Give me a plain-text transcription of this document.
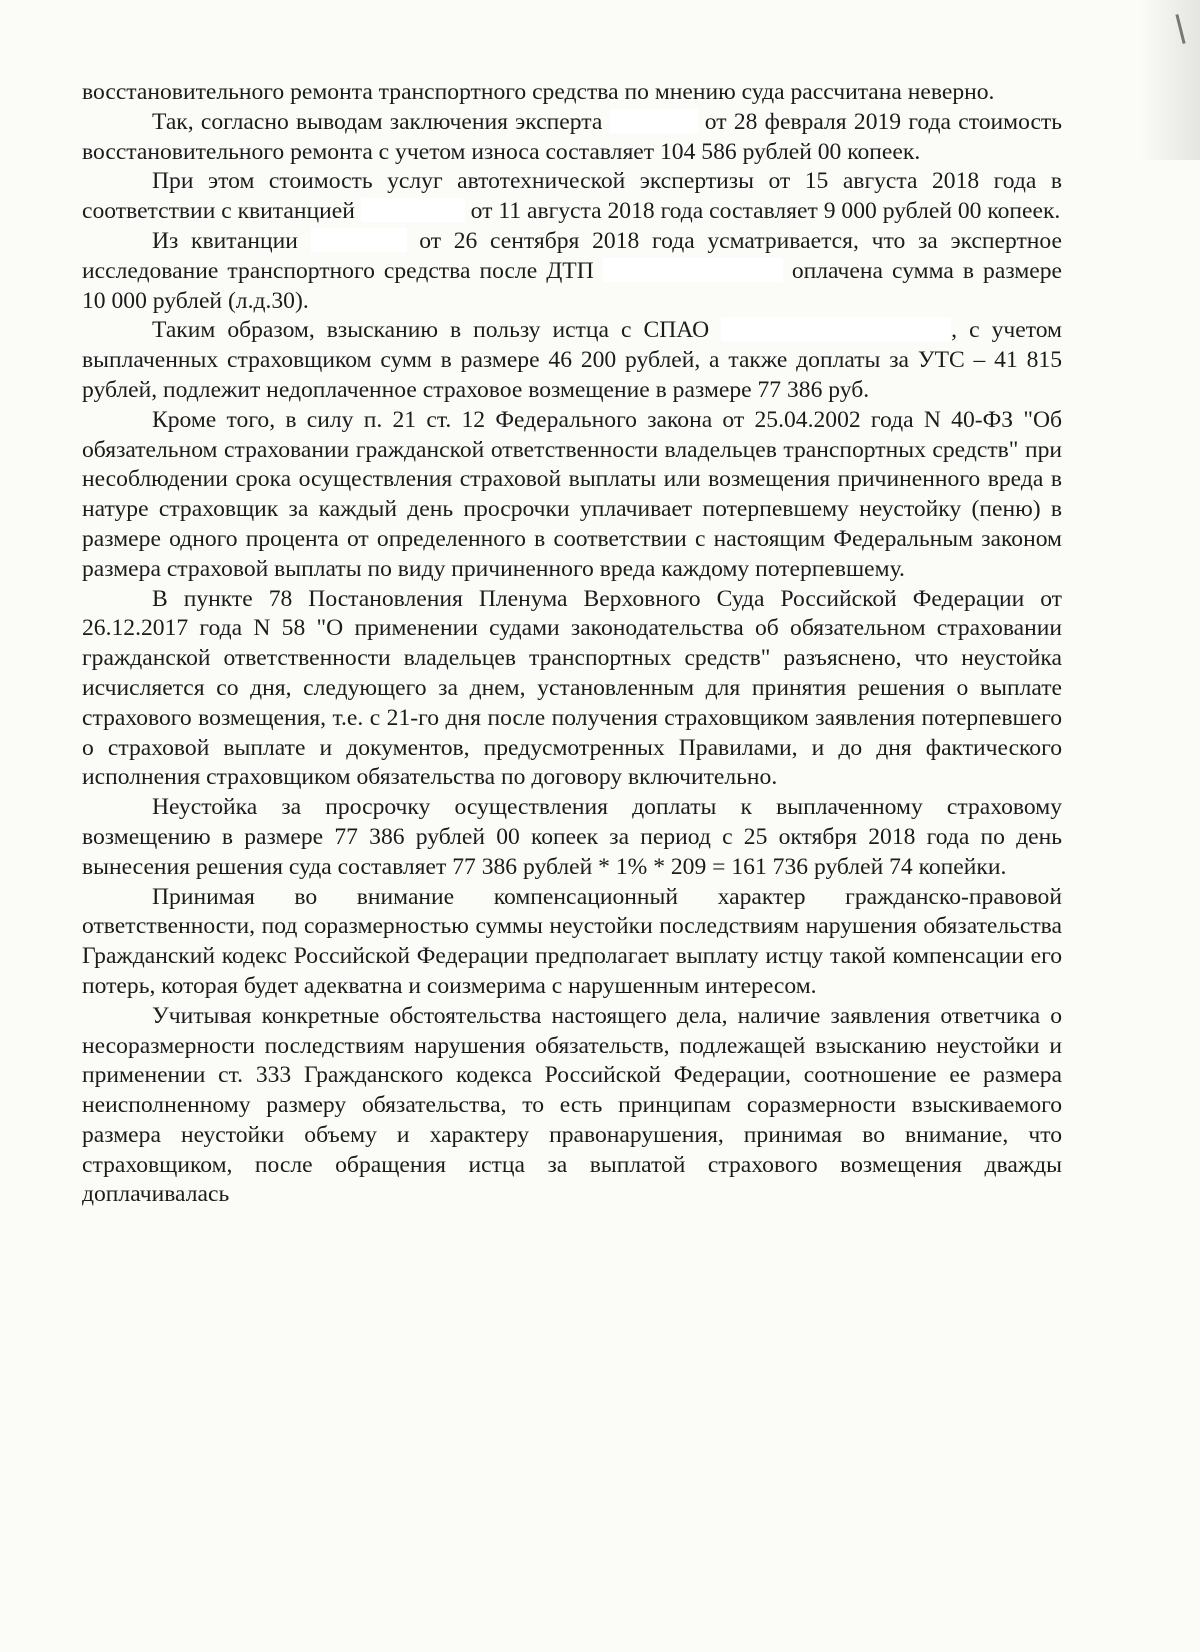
восстановительного ремонта транспортного средства по мнению суда рассчитана неверно.

Так, согласно выводам заключения эксперта	от 28 февраля 2019 года стоимость восстановительного ремонта с учетом износа составляет 104 586 рублей 00 копеек.

При этом стоимость услуг автотехнической экспертизы от 15 августа 2018 года в соответствии с квитанцией	от 11 августа 2018 года составляет 9 000 рублей 00 копеек.

Из квитанции	от 26 сентября 2018 года усматривается, что за экспертное исследование транспортного средства после ДТП	оплачена сумма в размере 10 000 рублей (л.д.30).

Таким образом, взысканию в пользу истца с СПАО	, с учетом выплаченных страховщиком сумм в размере 46 200 рублей, а также доплаты за УТС – 41 815 рублей, подлежит недоплаченное страховое возмещение в размере 77 386 руб.

Кроме того, в силу п. 21 ст. 12 Федерального закона от 25.04.2002 года N 40-ФЗ "Об обязательном страховании гражданской ответственности владельцев транспортных средств" при несоблюдении срока осуществления страховой выплаты или возмещения причиненного вреда в натуре страховщик за каждый день просрочки уплачивает потерпевшему неустойку (пеню) в размере одного процента от определенного в соответствии с настоящим Федеральным законом размера страховой выплаты по виду причиненного вреда каждому потерпевшему.

В пункте 78 Постановления Пленума Верховного Суда Российской Федерации от 26.12.2017 года N 58 "О применении судами законодательства об обязательном страховании гражданской ответственности владельцев транспортных средств" разъяснено, что неустойка исчисляется со дня, следующего за днем, установленным для принятия решения о выплате страхового возмещения, т.е. с 21-го дня после получения страховщиком заявления потерпевшего о страховой выплате и документов, предусмотренных Правилами, и до дня фактического исполнения страховщиком обязательства по договору включительно.

Неустойка за просрочку осуществления доплаты к выплаченному страховому возмещению в размере 77 386 рублей 00 копеек за период с 25 октября 2018 года по день вынесения решения суда составляет 77 386 рублей * 1% * 209 = 161 736 рублей 74 копейки.

Принимая во внимание компенсационный характер гражданско-правовой ответственности, под соразмерностью суммы неустойки последствиям нарушения обязательства Гражданский кодекс Российской Федерации предполагает выплату истцу такой компенсации его потерь, которая будет адекватна и соизмерима с нарушенным интересом.

Учитывая конкретные обстоятельства настоящего дела, наличие заявления ответчика о несоразмерности последствиям нарушения обязательств, подлежащей взысканию неустойки и применении ст. 333 Гражданского кодекса Российской Федерации, соотношение ее размера неисполненному размеру обязательства, то есть принципам соразмерности взыскиваемого размера неустойки объему и характеру правонарушения, принимая во внимание, что страховщиком, после обращения истца за выплатой страхового возмещения дважды доплачивалась
